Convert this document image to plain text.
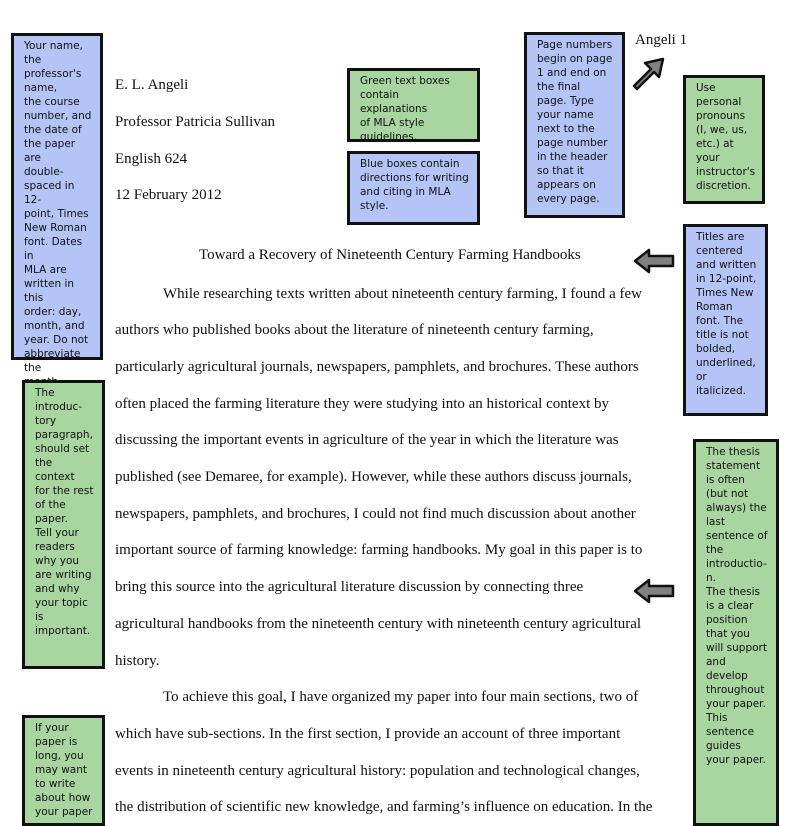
Angeli 1
E. L. Angeli
Professor Patricia Sullivan
English 624
12 February 2012
Toward a Recovery of Nineteenth Century Farming Handbooks
While researching texts written about nineteenth century farming, I found a few
authors who published books about the literature of nineteenth century farming,
particularly agricultural journals, newspapers, pamphlets, and brochures. These authors
often placed the farming literature they were studying into an historical context by
discussing the important events in agriculture of the year in which the literature was
published (see Demaree, for example). However, while these authors discuss journals,
newspapers, pamphlets, and brochures, I could not find much discussion about another
important source of farming knowledge: farming handbooks. My goal in this paper is to
bring this source into the agricultural literature discussion by connecting three
agricultural handbooks from the nineteenth century with nineteenth century agricultural
history.
To achieve this goal, I have organized my paper into four main sections, two of
which have sub-sections. In the first section, I provide an account of three important
events in nineteenth century agricultural history: population and technological changes,
the distribution of scientific new knowledge, and farming’s influence on education. In the
Your name,
the
professor's
name,
the course
number, and
the date of
the paper are
double-
spaced in 12-
point, Times
New Roman
font. Dates in
MLA are
written in this
order: day,
month, and
year. Do not
abbreviate the

Green text boxes
contain explanations
of MLA style
guidelines.
Blue boxes contain
directions for writing
and citing in MLA
style.
Page numbers
begin on page
1 and end on
the final
page. Type
your name
next to the
page number
in the header
so that it
appears on
every page.
Use
personal
pronouns
(I, we, us,
etc.) at
your
instructor's
discretion.
Titles are
centered
and written
in 12-point,
Times New
Roman
font. The
title is not
bolded,
underlined,
or
italicized.
The
introduc-
tory
paragraph,
should set
the context
for the rest
of the paper.
Tell your
readers
why you
are writing
and why
your topic
is
important.
The thesis
statement
is often
(but not
always) the
last
sentence of
the
introductio-
n.
The thesis
is a clear
position
that you
will support
and
develop
throughout
your paper.
This
sentence
guides
your paper.
If your
paper is
long, you
may want
to write
about how
your paper
